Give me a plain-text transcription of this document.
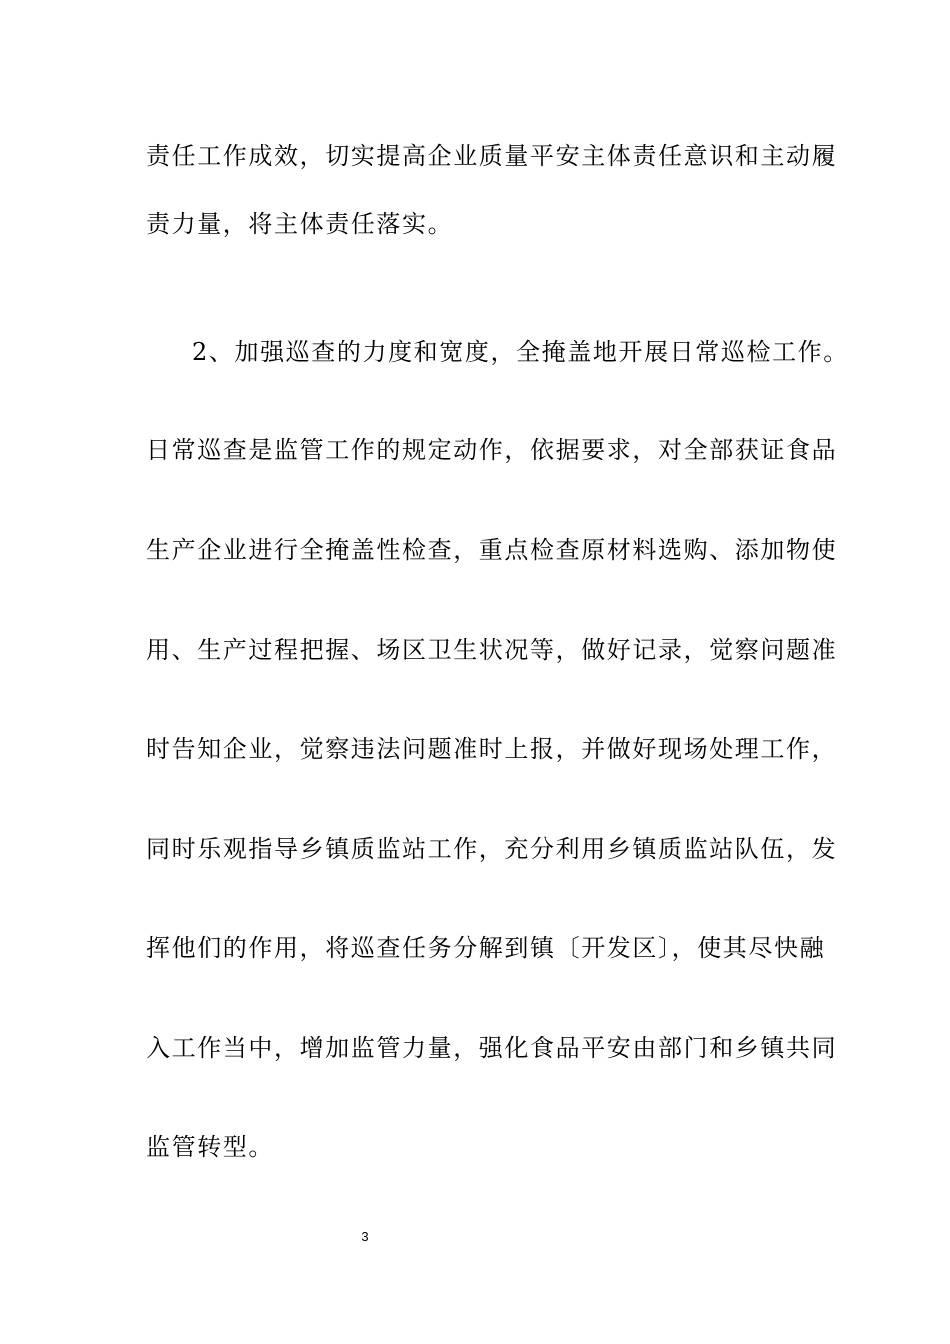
责任工作成效，切实提高企业质量平安主体责任意识和主动履
责力量，将主体责任落实。
2、加强巡查的力度和宽度，全掩盖地开展日常巡检工作。
日常巡查是监管工作的规定动作，依据要求，对全部获证食品
生产企业进行全掩盖性检查，重点检查原材料选购、添加物使
用、生产过程把握、场区卫生状况等，做好记录，觉察问题准
时告知企业，觉察违法问题准时上报，并做好现场处理工作，
同时乐观指导乡镇质监站工作，充分利用乡镇质监站队伍，发
挥他们的作用，将巡查任务分解到镇〔开发区〕，使其尽快融
入工作当中，增加监管力量，强化食品平安由部门和乡镇共同
监管转型。
3
